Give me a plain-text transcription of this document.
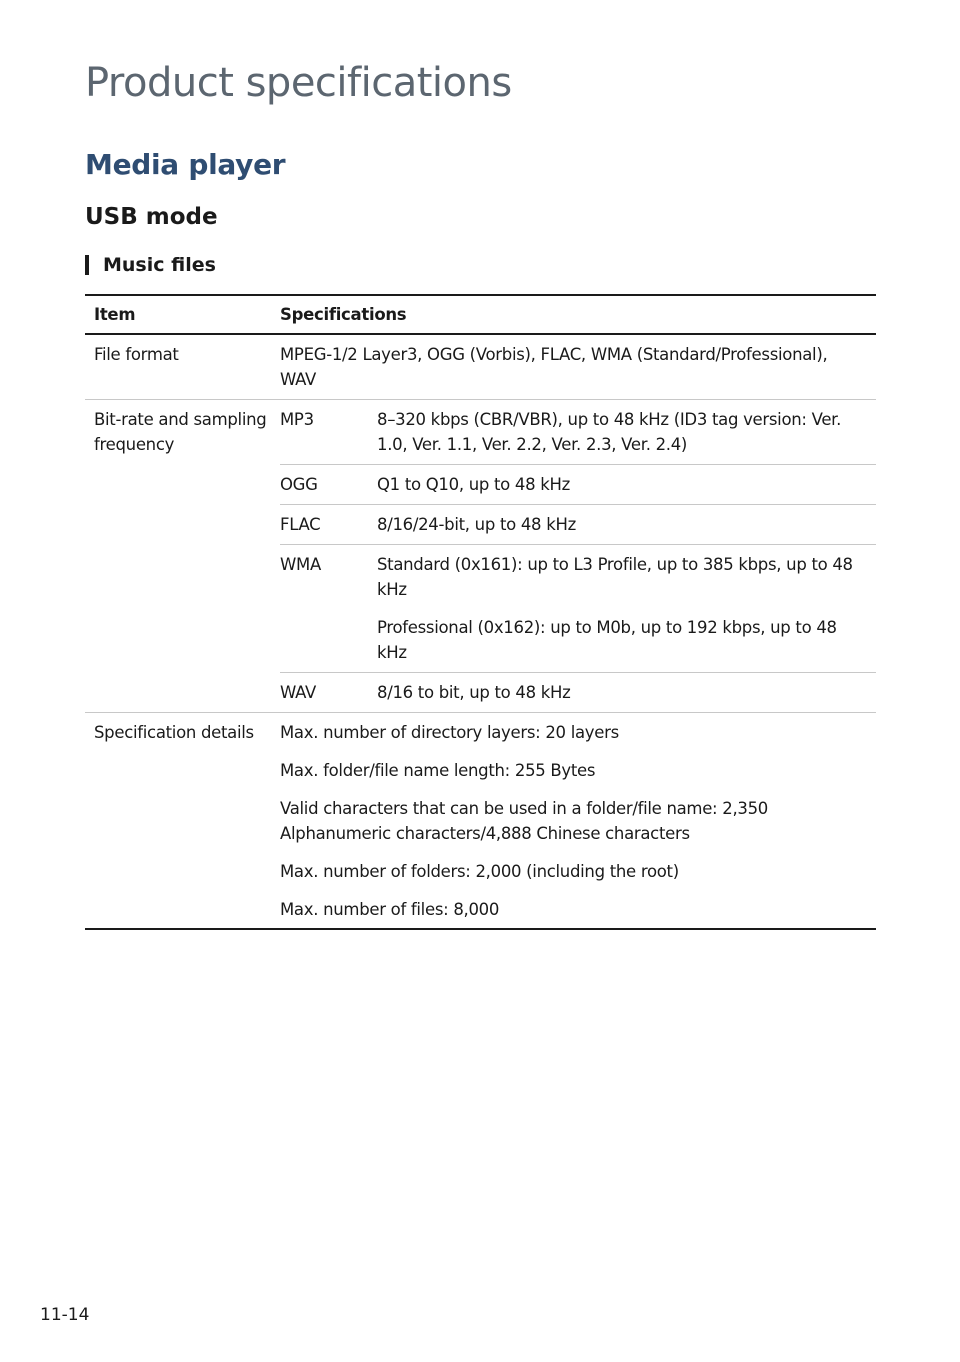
Product specifications
Media player
USB mode
Music files
Item	Specifications
File format	MPEG-1/2 Layer3, OGG (Vorbis), FLAC, WMA (Standard/Professional), WAV
Bit-rate and sampling frequency
MP3	8–320 kbps (CBR/VBR), up to 48 kHz (ID3 tag version: Ver. 1.0, Ver. 1.1, Ver. 2.2, Ver. 2.3, Ver. 2.4)
OGG	Q1 to Q10, up to 48 kHz
FLAC	8/16/24-bit, up to 48 kHz
WMA	Standard (0x161): up to L3 Profile, up to 385 kbps, up to 48 kHz

Professional (0x162): up to M0b, up to 192 kbps, up to 48 kHz

WAV	8/16 to bit, up to 48 kHz
Specification details	Max. number of directory layers: 20 layers

Max. folder/file name length: 255 Bytes

Valid characters that can be used in a folder/file name: 2,350 Alphanumeric characters/4,888 Chinese characters

Max. number of folders: 2,000 (including the root)

Max. number of files: 8,000

11-14
